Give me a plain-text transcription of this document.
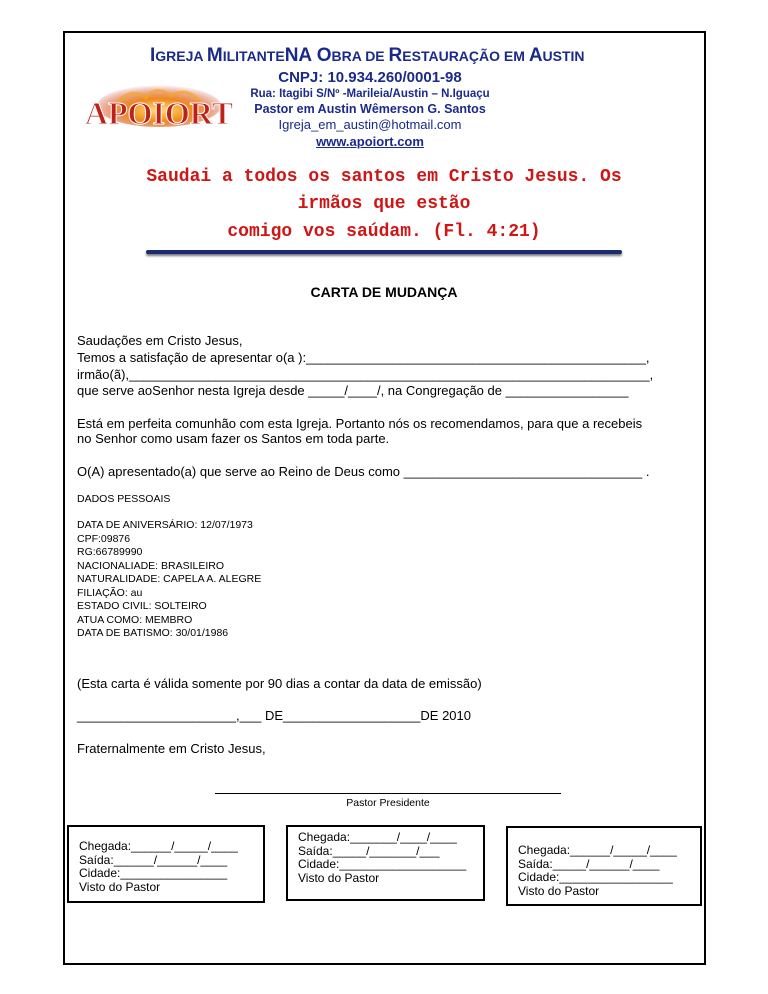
IGREJA MILITANTENA OBRA DE RESTAURAÇÃO EM AUSTIN
CNPJ: 10.934.260/0001-98
Rua: Itagibi S/Nº -Marileia/Austin – N.Iguaçu
Pastor em Austin Wêmerson G. Santos
Igreja_em_austin@hotmail.com
www.apoiort.com
APOIORT
Saudai a todos os santos em Cristo Jesus. Os
irmãos que estão
comigo vos saúdam. (Fl. 4:21)
CARTA DE MUDANÇA
Saudações em Cristo Jesus,
Temos a satisfação de apresentar o(a ):_______________________________________________,
irmão(ã),________________________________________________________________________,
que serve aoSenhor nesta Igreja desde _____/____/, na Congregação de _________________
Está em perfeita comunhão com esta Igreja. Portanto nós os recomendamos, para que a recebeis
no Senhor como usam fazer os Santos em toda parte.
O(A) apresentado(a) que serve ao Reino de Deus como _________________________________ .
DADOS PESSOAIS
DATA DE ANIVERSÁRIO: 12/07/1973
CPF:09876
RG:66789990
NACIONALIADE: BRASILEIRO
NATURALIDADE: CAPELA A. ALEGRE
FILIAÇÃO: au
ESTADO CIVIL: SOLTEIRO
ATUA COMO: MEMBRO
DATA DE BATISMO: 30/01/1986
(Esta carta é válida somente por 90 dias a contar da data de emissão)
______________________,___ DE___________________DE 2010
Fraternalmente em Cristo Jesus,
Pastor Presidente
Chegada:______/_____/____
Saída:______/______/____
Cidade:________________
Visto do Pastor
Chegada:_______/____/____
Saída:_____/_______/___
Cidade:___________________
Visto do Pastor
Chegada:______/_____/____
Saída:_____/______/____
Cidade:_________________
Visto do Pastor
